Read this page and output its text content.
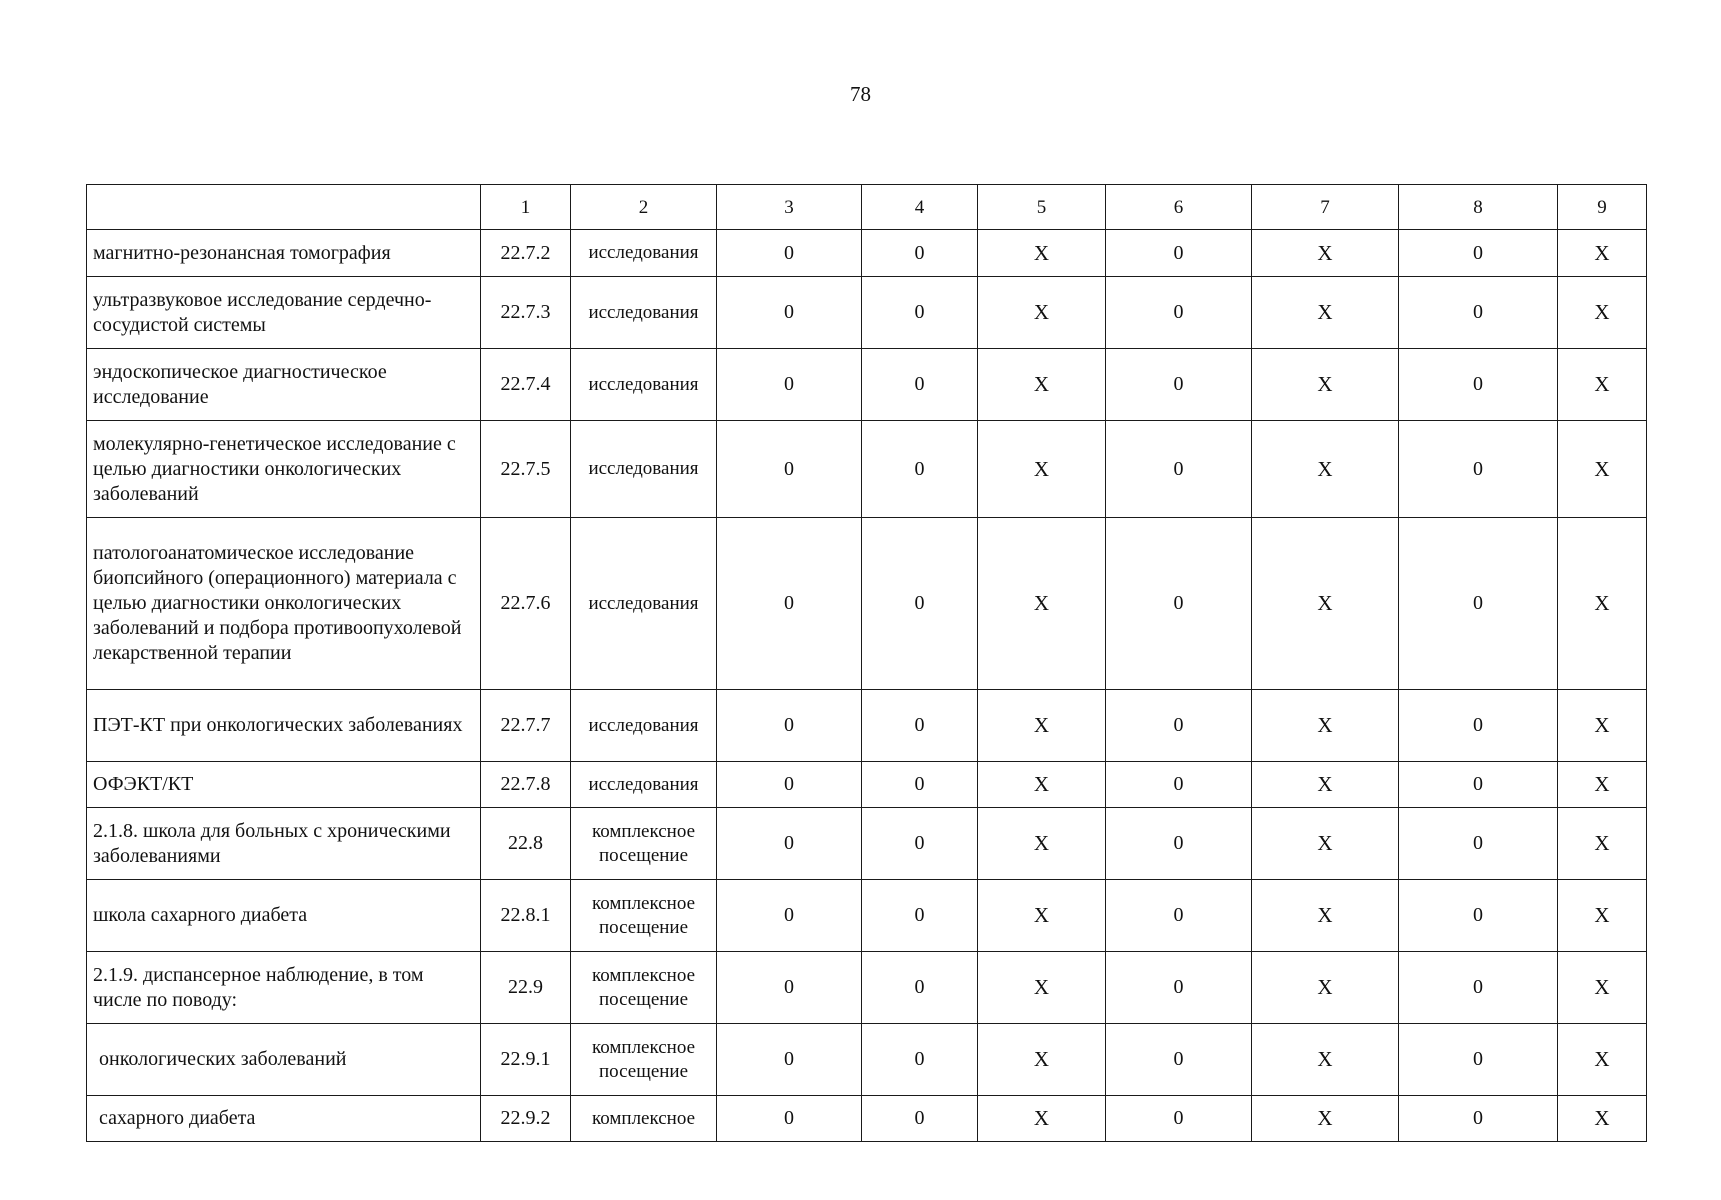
78
	1	2	3	4	5	6	7	8	9
магнитно-резонансная томография	22.7.2	исследования	0	0	X	0	X	0	X
ультразвуковое исследование сердечно-сосудистой системы	22.7.3	исследования	0	0	X	0	X	0	X
эндоскопическое диагностическое исследование	22.7.4	исследования	0	0	X	0	X	0	X
молекулярно-генетическое исследование с целью диагностики онкологических заболеваний	22.7.5	исследования	0	0	X	0	X	0	X
патологоанатомическое исследование биопсийного (операционного) материала с целью диагностики онкологических заболеваний и подбора противоопухолевой лекарственной терапии	22.7.6	исследования	0	0	X	0	X	0	X
ПЭТ-КТ при онкологических заболеваниях	22.7.7	исследования	0	0	X	0	X	0	X
ОФЭКТ/КТ	22.7.8	исследования	0	0	X	0	X	0	X
2.1.8. школа для больных с хроническими заболеваниями	22.8	комплексное посещение	0	0	X	0	X	0	X
школа сахарного диабета	22.8.1	комплексное посещение	0	0	X	0	X	0	X
2.1.9. диспансерное наблюдение, в том числе по поводу:	22.9	комплексное посещение	0	0	X	0	X	0	X
онкологических заболеваний	22.9.1	комплексное посещение	0	0	X	0	X	0	X
сахарного диабета	22.9.2	комплексное	0	0	X	0	X	0	X
